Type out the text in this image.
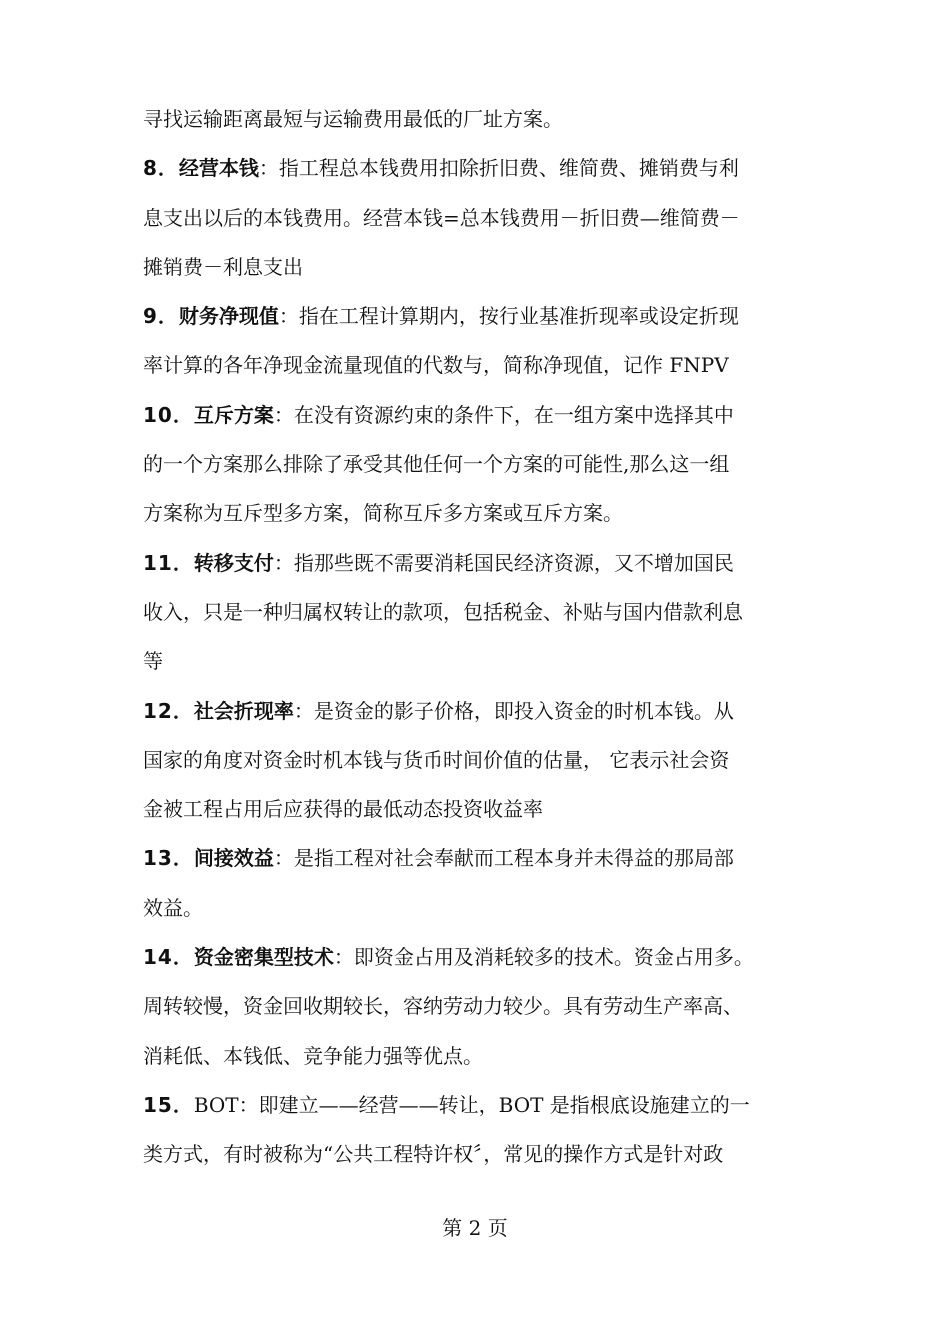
寻找运输距离最短与运输费用最低的厂址方案。
8．经营本钱：指工程总本钱费用扣除折旧费、维简费、摊销费与利
息支出以后的本钱费用。经营本钱=总本钱费用－折旧费—维简费－
摊销费－利息支出
9．财务净现值：指在工程计算期内，按行业基准折现率或设定折现
率计算的各年净现金流量现值的代数与，简称净现值，记作 FNPV
10．互斥方案：在没有资源约束的条件下，在一组方案中选择其中
的一个方案那么排除了承受其他任何一个方案的可能性,那么这一组
方案称为互斥型多方案，简称互斥多方案或互斥方案。
11．转移支付：指那些既不需要消耗国民经济资源，又不增加国民
收入，只是一种归属权转让的款项，包括税金、补贴与国内借款利息
等
12．社会折现率：是资金的影子价格，即投入资金的时机本钱。从
国家的角度对资金时机本钱与货币时间价值的估量， 它表示社会资
金被工程占用后应获得的最低动态投资收益率
13．间接效益：是指工程对社会奉献而工程本身并未得益的那局部
效益。
14．资金密集型技术：即资金占用及消耗较多的技术。资金占用多。
周转较慢，资金回收期较长，容纳劳动力较少。具有劳动生产率高、
消耗低、本钱低、竞争能力强等优点。
15．BOT：即建立——经营——转让，BOT 是指根底设施建立的一
类方式，有时被称为“公共工程特许权〞，常见的操作方式是针对政
第 2 页
